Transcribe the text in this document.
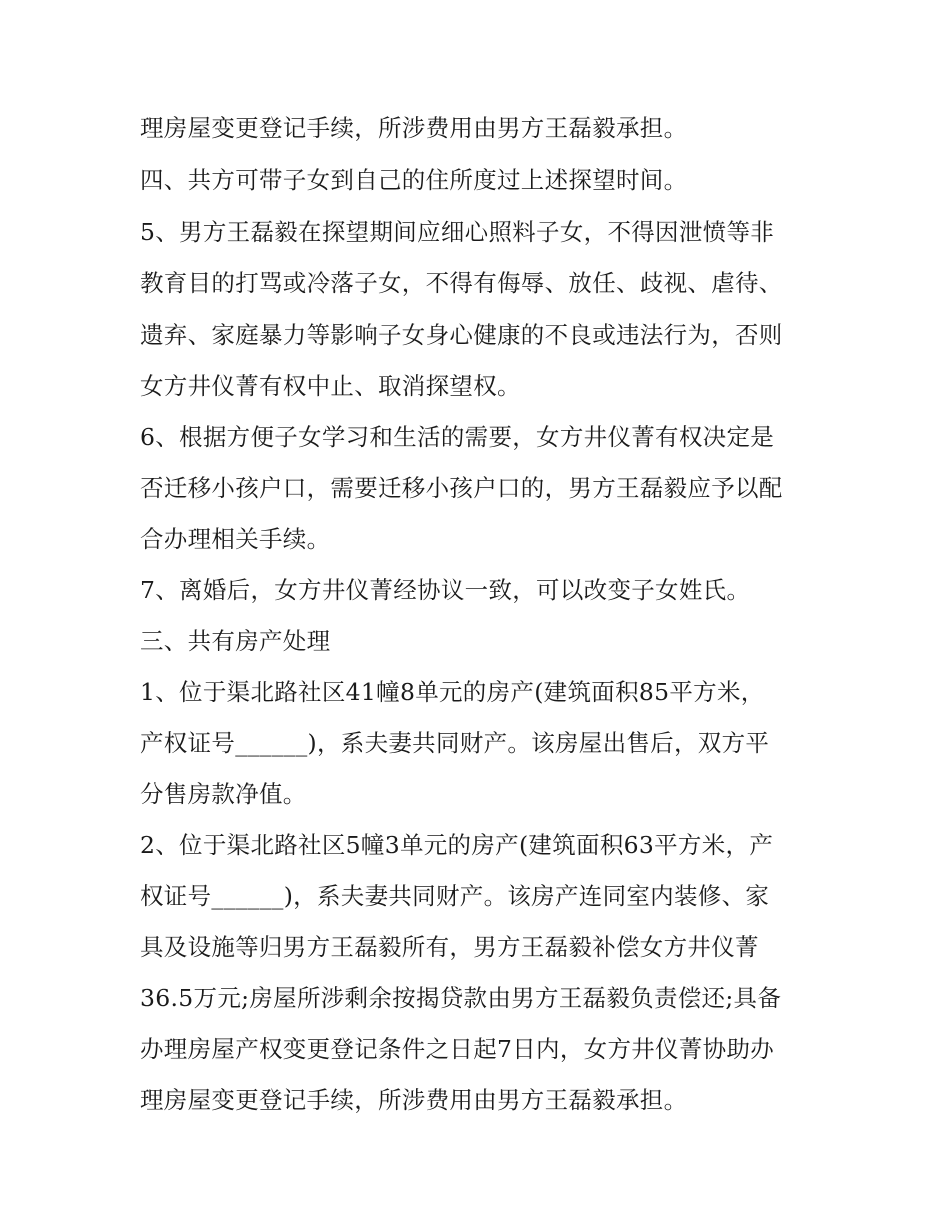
理房屋变更登记手续，所涉费用由男方王磊毅承担。
四、共方可带子女到自己的住所度过上述探望时间。
5、男方王磊毅在探望期间应细心照料子女，不得因泄愤等非
教育目的打骂或冷落子女，不得有侮辱、放任、歧视、虐待、
遗弃、家庭暴力等影响子女身心健康的不良或违法行为，否则
女方井仪菁有权中止、取消探望权。
6、根据方便子女学习和生活的需要，女方井仪菁有权决定是
否迁移小孩户口，需要迁移小孩户口的，男方王磊毅应予以配
合办理相关手续。
7、离婚后，女方井仪菁经协议一致，可以改变子女姓氏。
三、共有房产处理
1、位于渠北路社区41幢8单元的房产(建筑面积85平方米，
产权证号______)，系夫妻共同财产。该房屋出售后，双方平
分售房款净值。
2、位于渠北路社区5幢3单元的房产(建筑面积63平方米，产
权证号______)，系夫妻共同财产。该房产连同室内装修、家
具及设施等归男方王磊毅所有，男方王磊毅补偿女方井仪菁
36.5万元;房屋所涉剩余按揭贷款由男方王磊毅负责偿还;具备
办理房屋产权变更登记条件之日起7日内，女方井仪菁协助办
理房屋变更登记手续，所涉费用由男方王磊毅承担。
